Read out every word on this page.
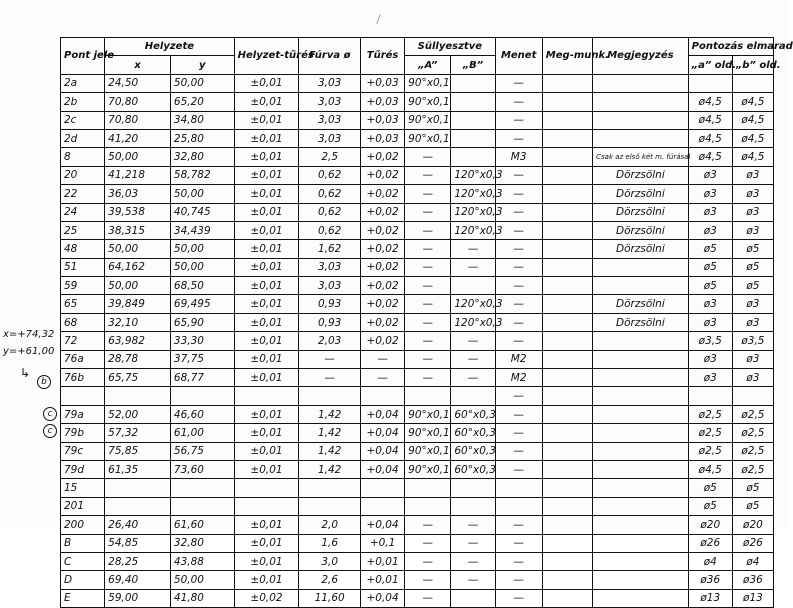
x=+74,32
y=+61,00
↳
b
c
c
Pont jele	Helyzete		Helyzet-tűrés	Fúrva ø	Tűrés	Süllyesztve		Menet	Meg-munk.	Megjegyzés	Pontozás elmarad	
	x	y				„A”	„B”				„a” old.	„b” old.
2a	24,50	50,00	±0,01	3,03	+0,03	90°x0,1		—				
2b	70,80	65,20	±0,01	3,03	+0,03	90°x0,1		—			ø4,5	ø4,5
2c	70,80	34,80	±0,01	3,03	+0,03	90°x0,1		—			ø4,5	ø4,5
2d	41,20	25,80	±0,01	3,03	+0,03	90°x0,1		—			ø4,5	ø4,5
8	50,00	32,80	±0,01	2,5	+0,02	—		M3		Csak az első két m. fúrásal	ø4,5	ø4,5
20	41,218	58,782	±0,01	0,62	+0,02	—	120°x0,3	—		Dörzsölni	ø3	ø3
22	36,03	50,00	±0,01	0,62	+0,02	—	120°x0,3	—		Dörzsölni	ø3	ø3
24	39,538	40,745	±0,01	0,62	+0,02	—	120°x0,3	—		Dörzsölni	ø3	ø3
25	38,315	34,439	±0,01	0,62	+0,02	—	120°x0,3	—		Dörzsölni	ø3	ø3
48	50,00	50,00	±0,01	1,62	+0,02	—	—	—		Dörzsölni	ø5	ø5
51	64,162	50,00	±0,01	3,03	+0,02	—	—	—			ø5	ø5
59	50,00	68,50	±0,01	3,03	+0,02	—		—			ø5	ø5
65	39,849	69,495	±0,01	0,93	+0,02	—	120°x0,3	—		Dörzsölni	ø3	ø3
68	32,10	65,90	±0,01	0,93	+0,02	—	120°x0,3	—		Dörzsölni	ø3	ø3
72	63,982	33,30	±0,01	2,03	+0,02	—	—	—			ø3,5	ø3,5
76a	28,78	37,75	±0,01	—	—	—	—	M2			ø3	ø3
76b	65,75	68,77	±0,01	—	—	—	—	M2			ø3	ø3
								—				
79a	52,00	46,60	±0,01	1,42	+0,04	90°x0,1	60°x0,3	—			ø2,5	ø2,5
79b	57,32	61,00	±0,01	1,42	+0,04	90°x0,1	60°x0,3	—			ø2,5	ø2,5
79c	75,85	56,75	±0,01	1,42	+0,04	90°x0,1	60°x0,3	—			ø2,5	ø2,5
79d	61,35	73,60	±0,01	1,42	+0,04	90°x0,1	60°x0,3	—			ø4,5	ø2,5
15											ø5	ø5
201											ø5	ø5
200	26,40	61,60	±0,01	2,0	+0,04	—	—	—			ø20	ø20
B	54,85	32,80	±0,01	1,6	+0,1	—	—	—			ø26	ø26
C	28,25	43,88	±0,01	3,0	+0,01	—	—	—			ø4	ø4
D	69,40	50,00	±0,01	2,6	+0,01	—	—	—			ø36	ø36
E	59,00	41,80	±0,02	11,60	+0,04	—		—			ø13	ø13
